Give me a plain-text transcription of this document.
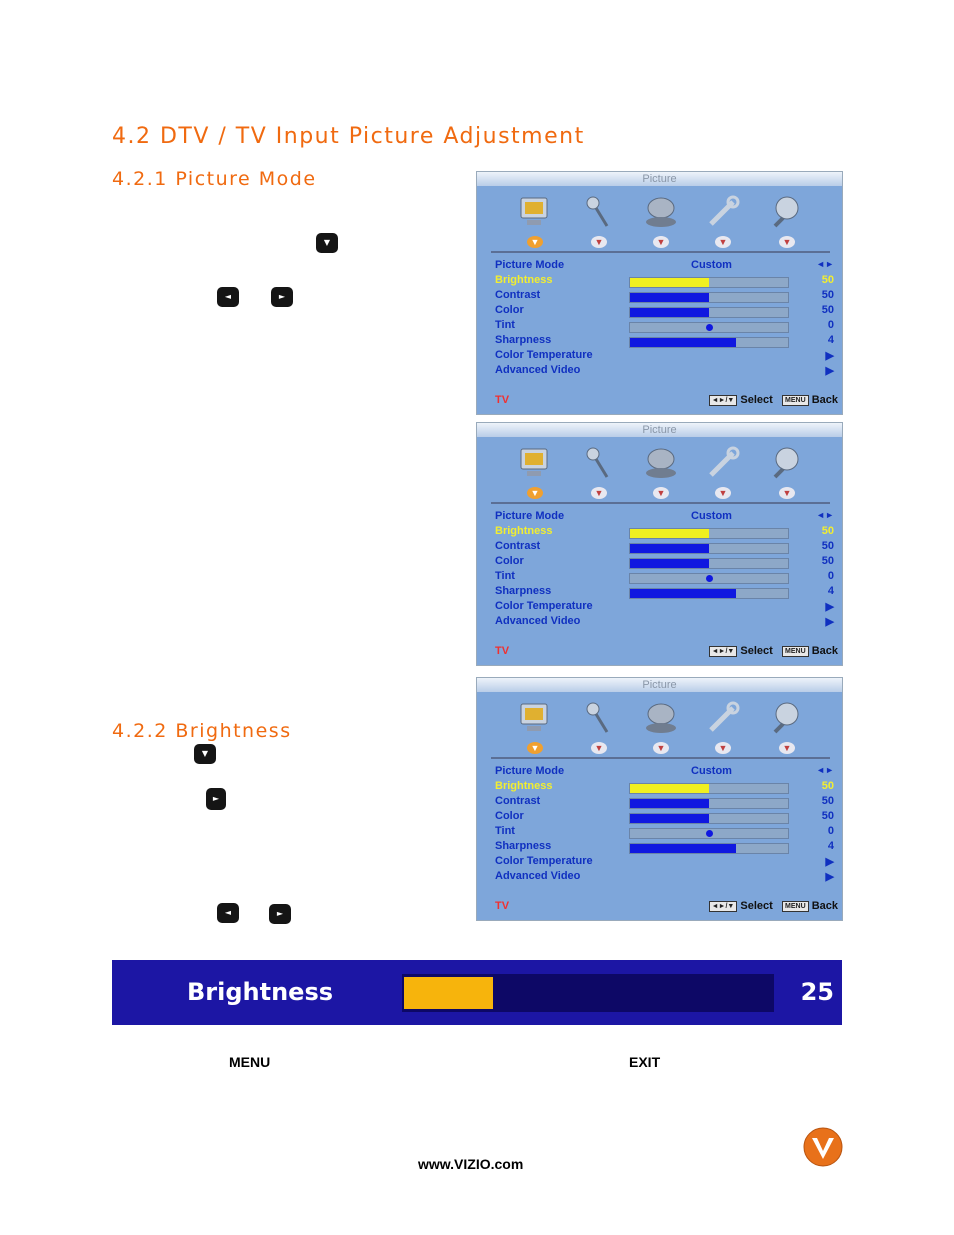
4.2 DTV / TV Input Picture Adjustment
4.2.1 Picture Mode
4.2.2 Brightness
▼
◄	►
▼
►
◄	►
Picture
▼	▼	▼	▼	▼
Picture Mode	Custom	◄►
Brightness	50
Contrast	50
Color	50
Tint	0
Sharpness	4
Color Temperature	▶
Advanced Video	▶
TV	◄►/▼ Select MENU Back
Picture
▼	▼	▼	▼	▼
Picture Mode	Custom	◄►
Brightness	50
Contrast	50
Color	50
Tint	0
Sharpness	4
Color Temperature	▶
Advanced Video	▶
TV	◄►/▼ Select MENU Back
Picture
▼	▼	▼	▼	▼
Picture Mode	Custom	◄►
Brightness	50
Contrast	50
Color	50
Tint	0
Sharpness	4
Color Temperature	▶
Advanced Video	▶
TV	◄►/▼ Select MENU Back
Brightness	25
MENU	EXIT
www.VIZIO.com
